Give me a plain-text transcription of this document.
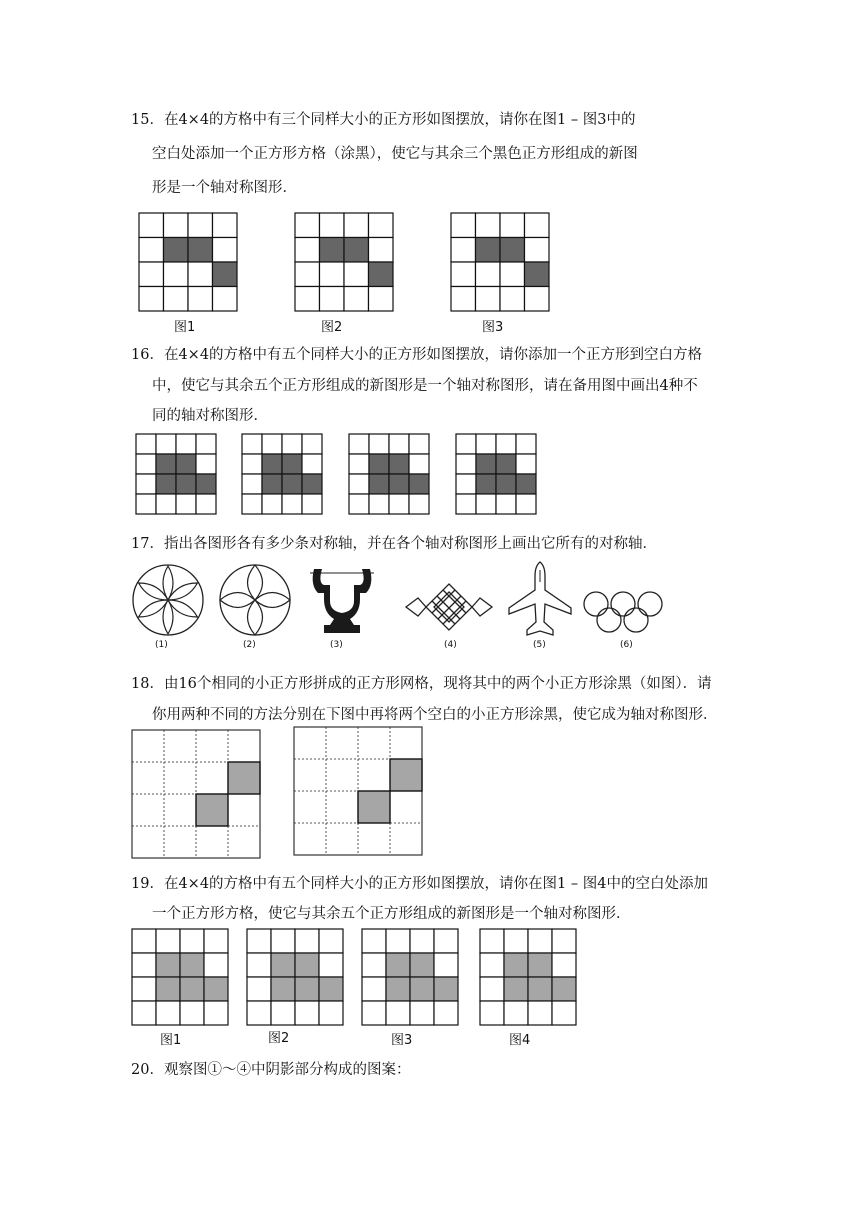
15．在4×4的方格中有三个同样大小的正方形如图摆放，请你在图1 – 图3中的
空白处添加一个正方形方格（涂黑），使它与其余三个黑色正方形组成的新图
形是一个轴对称图形．
图1	图2	图3
16．在4×4的方格中有五个同样大小的正方形如图摆放，请你添加一个正方形到空白方格
中，使它与其余五个正方形组成的新图形是一个轴对称图形，请在备用图中画出4种不
同的轴对称图形．
17．指出各图形各有多少条对称轴，并在各个轴对称图形上画出它所有的对称轴．
(1)	(2)	(3)	(4)	(5)	(6)
18．由16个相同的小正方形拼成的正方形网格，现将其中的两个小正方形涂黑（如图）．请
你用两种不同的方法分别在下图中再将两个空白的小正方形涂黑，使它成为轴对称图形．
19．在4×4的方格中有五个同样大小的正方形如图摆放，请你在图1 – 图4中的空白处添加
一个正方形方格，使它与其余五个正方形组成的新图形是一个轴对称图形．
图1	图2	图3	图4
20．观察图①～④中阴影部分构成的图案：
